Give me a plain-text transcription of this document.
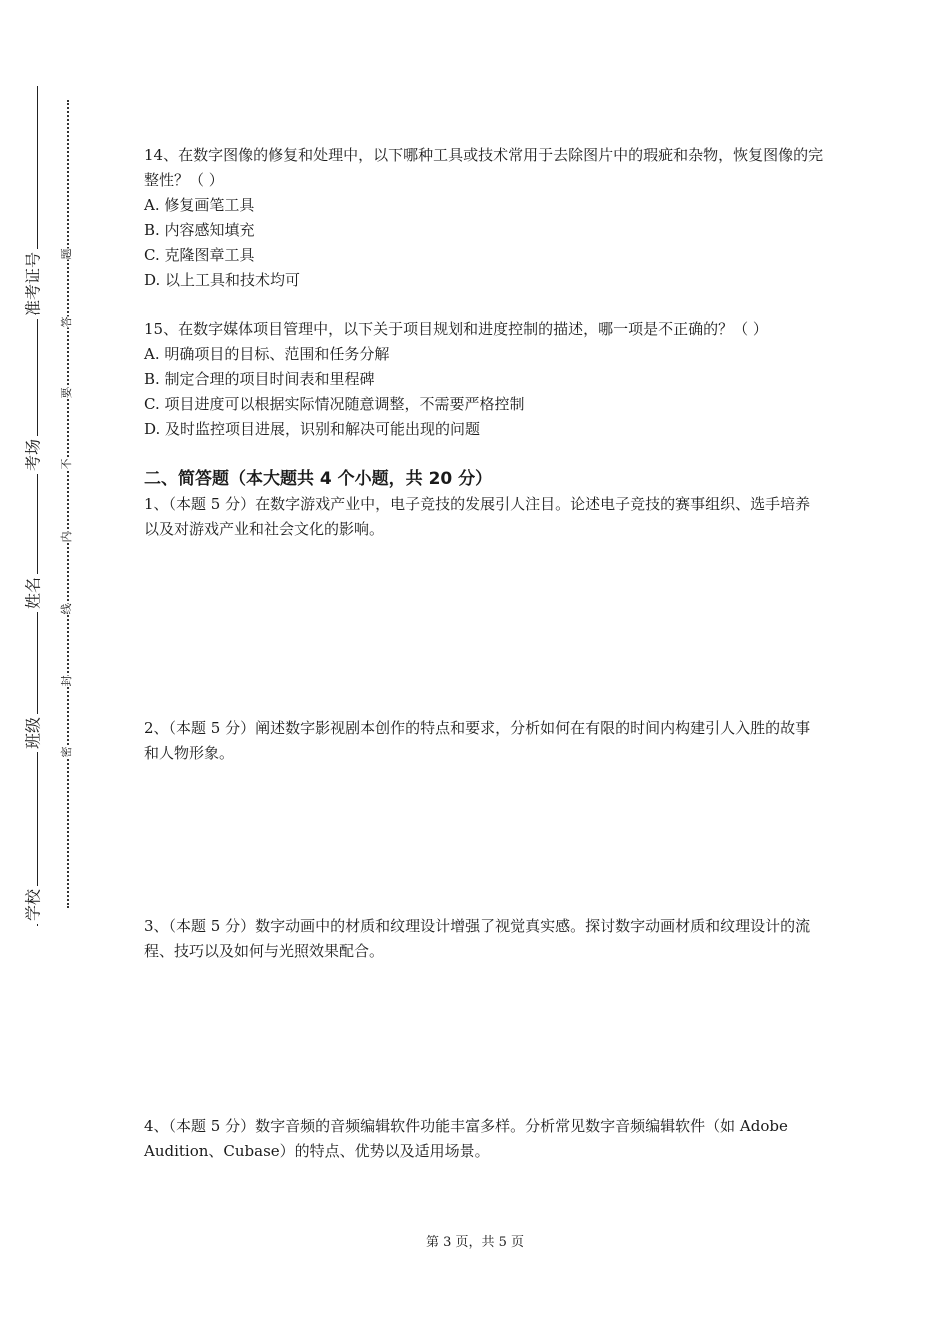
准考证号
考场
姓名
班级
学校
题
答
要
不
内
线
封
密

14、在数字图像的修复和处理中，以下哪种工具或技术常用于去除图片中的瑕疵和杂物，恢复图像的完整性？（ ）

A. 修复画笔工具

B. 内容感知填充

C. 克隆图章工具

D. 以上工具和技术均可

15、在数字媒体项目管理中，以下关于项目规划和进度控制的描述，哪一项是不正确的？（ ）

A. 明确项目的目标、范围和任务分解

B. 制定合理的项目时间表和里程碑

C. 项目进度可以根据实际情况随意调整，不需要严格控制

D. 及时监控项目进展，识别和解决可能出现的问题

二、简答题（本大题共 4 个小题，共 20 分）

1、（本题 5 分）在数字游戏产业中，电子竞技的发展引人注目。论述电子竞技的赛事组织、选手培养以及对游戏产业和社会文化的影响。
2、（本题 5 分）阐述数字影视剧本创作的特点和要求，分析如何在有限的时间内构建引人入胜的故事和人物形象。
3、（本题 5 分）数字动画中的材质和纹理设计增强了视觉真实感。探讨数字动画材质和纹理设计的流程、技巧以及如何与光照效果配合。
4、（本题 5 分）数字音频的音频编辑软件功能丰富多样。分析常见数字音频编辑软件（如 Adobe Audition、Cubase）的特点、优势以及适用场景。
第 3 页，共 5 页
